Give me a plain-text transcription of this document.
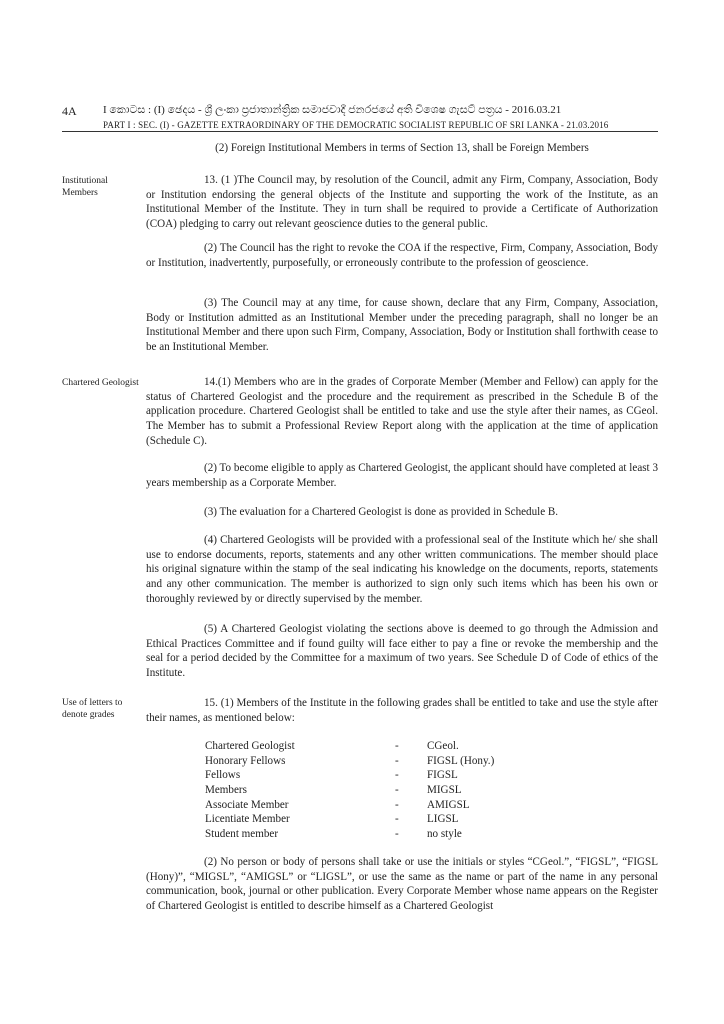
4A I කොටස : (I) ඡෙදය - ශ්‍රී ලංකා ප්‍රජාතාන්ත්‍රික සමාජවාදී ජනරජයේ අති විශෙෂ ගැසට් පත්‍රය - 2016.03.21
PART I : SEC. (I) - GAZETTE EXTRAORDINARY OF THE DEMOCRATIC SOCIALIST REPUBLIC OF SRI LANKA - 21.03.2016
Institutional Members
Chartered Geologist
Use of letters to denote grades

(2) Foreign Institutional Members in terms of Section 13, shall be Foreign Members

13. (1 )The Council may, by resolution of the Council, admit any Firm, Company, Association, Body or Institution endorsing the general objects of the Institute and supporting the work of the Institute, as an Institutional Member of the Institute. They in turn shall be required to provide a Certificate of Authorization (COA) pledging to carry out relevant geoscience duties to the general public.

(2) The Council has the right to revoke the COA if the respective, Firm, Company, Association, Body or Institution, inadvertently, purposefully, or erroneously contribute to the profession of geoscience.

(3) The Council may at any time, for cause shown, declare that any Firm, Company, Association, Body or Institution admitted as an Institutional Member under the preceding paragraph, shall no longer be an Institutional Member and there upon such Firm, Company, Association, Body or Institution shall forthwith cease to be an Institutional Member.

14.(1) Members who are in the grades of Corporate Member (Member and Fellow) can apply for the status of Chartered Geologist and the procedure and the requirement as prescribed in the Schedule B of the application procedure. Chartered Geologist shall be entitled to take and use the style after their names, as CGeol. The Member has to submit a Professional Review Report along with the application at the time of application (Schedule C).

(2) To become eligible to apply as Chartered Geologist, the applicant should have completed at least 3 years membership as a Corporate Member.

(3) The evaluation for a Chartered Geologist is done as provided in Schedule B.

(4) Chartered Geologists will be provided with a professional seal of the Institute which he/ she shall use to endorse documents, reports, statements and any other written communications. The member should place his original signature within the stamp of the seal indicating his knowledge on the documents, reports, statements and any other communication. The member is authorized to sign only such items which has been his own or thoroughly reviewed by or directly supervised by the member.

(5) A Chartered Geologist violating the sections above is deemed to go through the Admission and Ethical Practices Committee and if found guilty will face either to pay a fine or revoke the membership and the seal for a period decided by the Committee for a maximum of two years. See Schedule D of Code of ethics of the Institute.

15. (1) Members of the Institute in the following grades shall be entitled to take and use the style after their names, as mentioned below:

Chartered Geologist	-	CGeol.
Honorary Fellows	-	FIGSL (Hony.)
Fellows	-	FIGSL
Members	-	MIGSL
Associate Member	-	AMIGSL
Licentiate Member	-	LIGSL
Student member	-	no style

(2) No person or body of persons shall take or use the initials or styles “CGeol.”, “FIGSL”, “FIGSL (Hony)”, “MIGSL”, “AMIGSL” or “LIGSL”, or use the same as the name or part of the name in any personal communication, book, journal or other publication. Every Corporate Member whose name appears on the Register of Chartered Geologist is entitled to describe himself as a Chartered Geologist
